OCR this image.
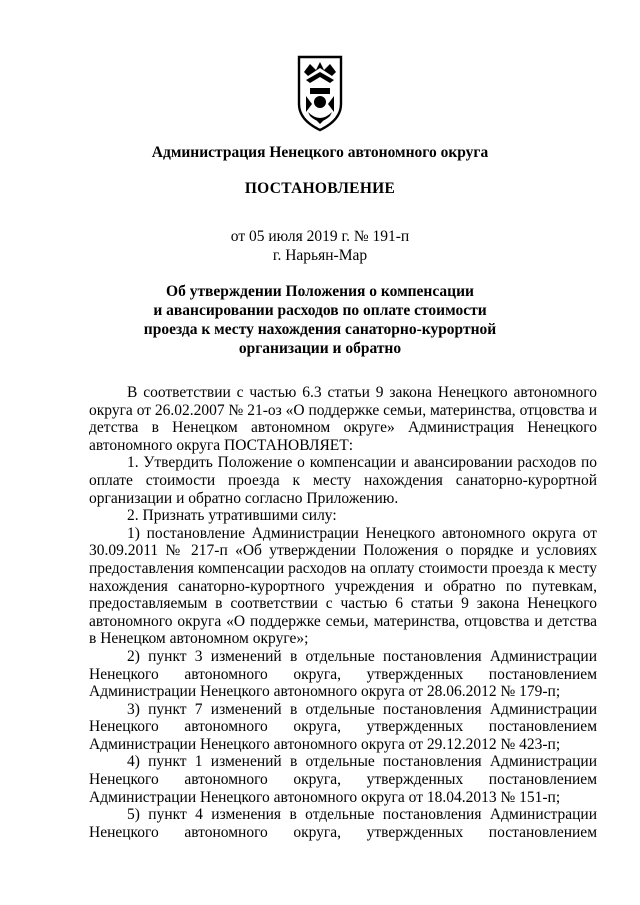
Администрация Ненецкого автономного округа
ПОСТАНОВЛЕНИЕ
от 05 июля 2019 г. № 191-п
г. Нарьян-Мар
Об утверждении Положения о компенсации
и авансировании расходов по оплате стоимости
проезда к месту нахождения санаторно-курортной
организации и обратно

В соответствии с частью 6.3 статьи 9 закона Ненецкого автономного округа от 26.02.2007 № 21-оз «О поддержке семьи, материнства, отцовства и детства в Ненецком автономном округе» Администрация Ненецкого автономного округа ПОСТАНОВЛЯЕТ:

1. Утвердить Положение о компенсации и авансировании расходов по оплате стоимости проезда к месту нахождения санаторно-курортной организации и обратно согласно Приложению.

2. Признать утратившими силу:

1) постановление Администрации Ненецкого автономного округа от 30.09.2011 № 217-п «Об утверждении Положения о порядке и условиях предоставления компенсации расходов на оплату стоимости проезда к месту нахождения санаторно-курортного учреждения и обратно по путевкам, предоставляемым в соответствии с частью 6 статьи 9 закона Ненецкого автономного округа «О поддержке семьи, материнства, отцовства и детства в Ненецком автономном округе»;

2) пункт 3 изменений в отдельные постановления Администрации Ненецкого автономного округа, утвержденных постановлением Администрации Ненецкого автономного округа от 28.06.2012 № 179-п;

3) пункт 7 изменений в отдельные постановления Администрации Ненецкого автономного округа, утвержденных постановлением Администрации Ненецкого автономного округа от 29.12.2012 № 423-п;

4) пункт 1 изменений в отдельные постановления Администрации Ненецкого автономного округа, утвержденных постановлением Администрации Ненецкого автономного округа от 18.04.2013 № 151-п;

5) пункт 4 изменения в отдельные постановления Администрации Ненецкого автономного округа, утвержденных постановлением
